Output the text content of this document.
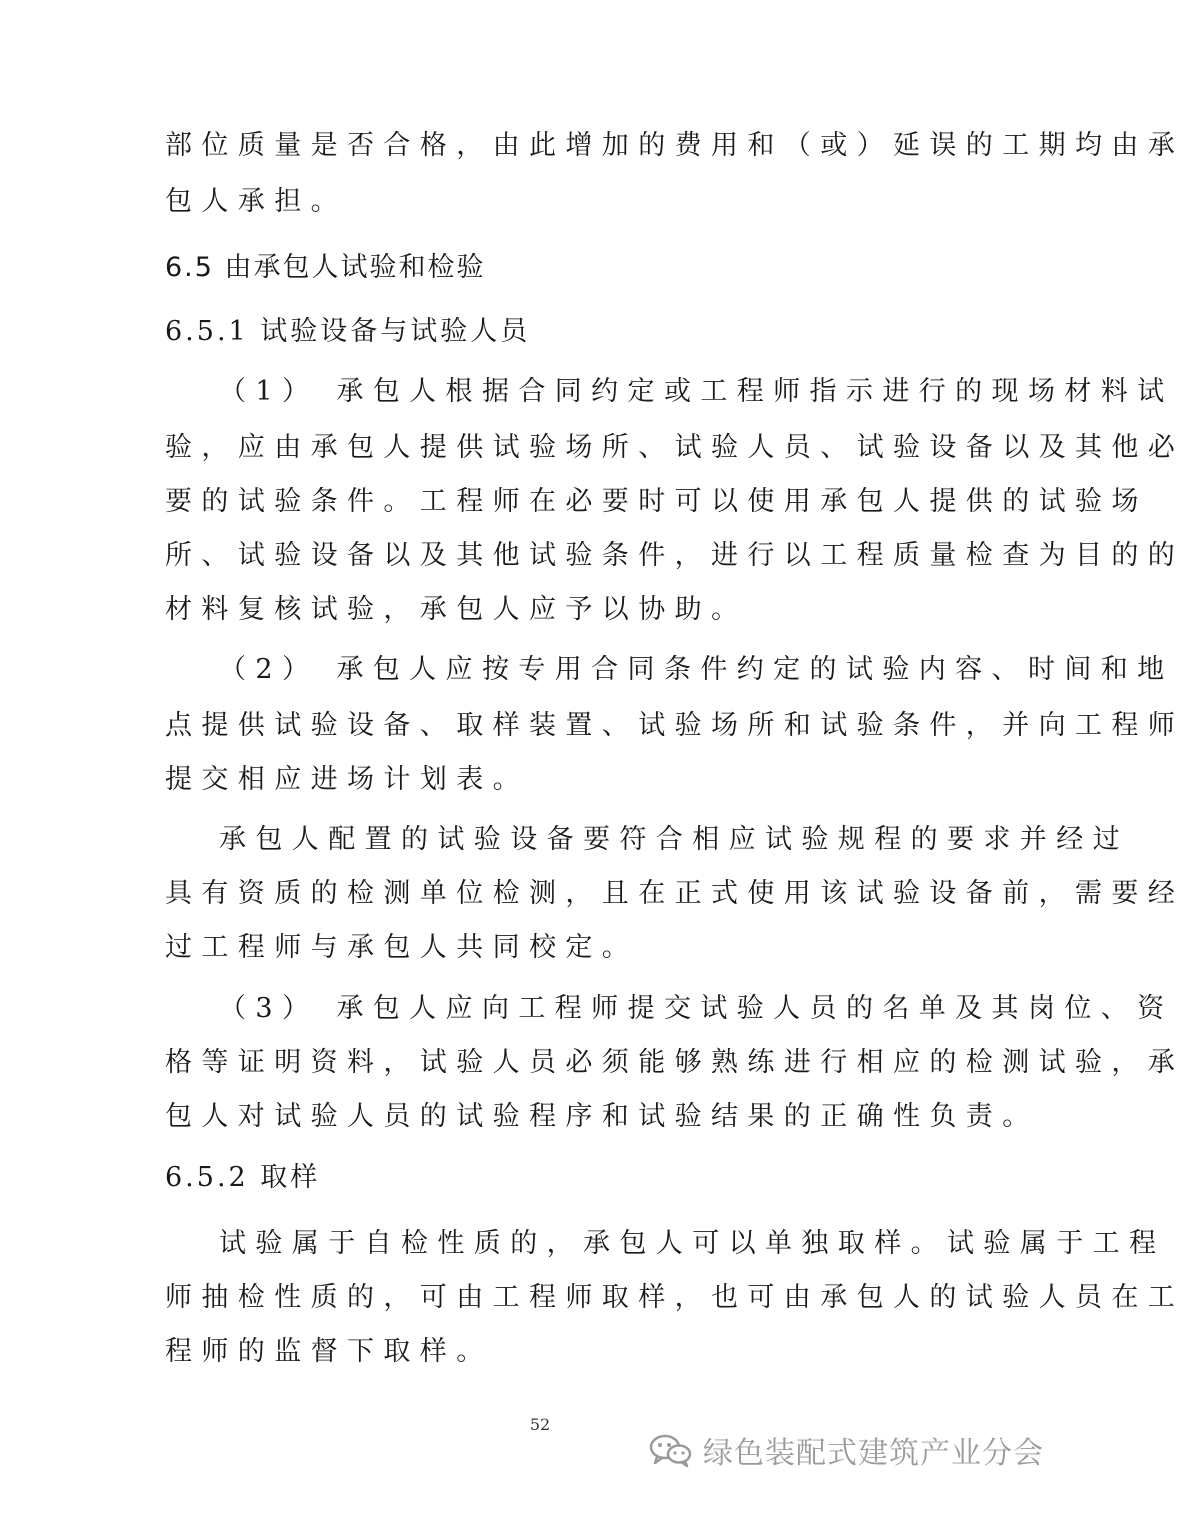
部位质量是否合格，由此增加的费用和（或）延误的工期均由承
包人承担。
6.5 由承包人试验和检验
6.5.1 试验设备与试验人员
（1） 承包人根据合同约定或工程师指示进行的现场材料试
验，应由承包人提供试验场所、试验人员、试验设备以及其他必
要的试验条件。工程师在必要时可以使用承包人提供的试验场
所、试验设备以及其他试验条件，进行以工程质量检查为目的的
材料复核试验，承包人应予以协助。
（2） 承包人应按专用合同条件约定的试验内容、时间和地
点提供试验设备、取样装置、试验场所和试验条件，并向工程师
提交相应进场计划表。
承包人配置的试验设备要符合相应试验规程的要求并经过
具有资质的检测单位检测，且在正式使用该试验设备前，需要经
过工程师与承包人共同校定。
（3） 承包人应向工程师提交试验人员的名单及其岗位、资
格等证明资料，试验人员必须能够熟练进行相应的检测试验，承
包人对试验人员的试验程序和试验结果的正确性负责。
6.5.2 取样
试验属于自检性质的，承包人可以单独取样。试验属于工程
师抽检性质的，可由工程师取样，也可由承包人的试验人员在工
程师的监督下取样。
52
绿色装配式建筑产业分会
